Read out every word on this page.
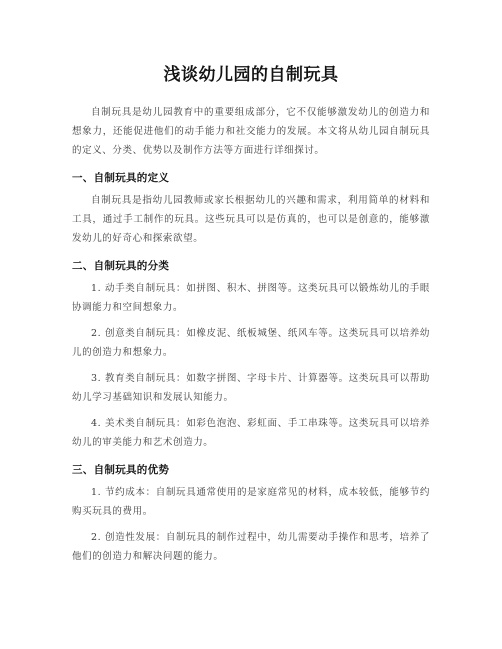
浅谈幼儿园的自制玩具

自制玩具是幼儿园教育中的重要组成部分，它不仅能够激发幼儿的创造力和想象力，还能促进他们的动手能力和社交能力的发展。本文将从幼儿园自制玩具的定义、分类、优势以及制作方法等方面进行详细探讨。

一、自制玩具的定义

自制玩具是指幼儿园教师或家长根据幼儿的兴趣和需求，利用简单的材料和工具，通过手工制作的玩具。这些玩具可以是仿真的，也可以是创意的，能够激发幼儿的好奇心和探索欲望。

二、自制玩具的分类

1. 动手类自制玩具：如拼图、积木、拼图等。这类玩具可以锻炼幼儿的手眼协调能力和空间想象力。

2. 创意类自制玩具：如橡皮泥、纸板城堡、纸风车等。这类玩具可以培养幼儿的创造力和想象力。

3. 教育类自制玩具：如数字拼图、字母卡片、计算器等。这类玩具可以帮助幼儿学习基础知识和发展认知能力。

4. 美术类自制玩具：如彩色泡泡、彩虹面、手工串珠等。这类玩具可以培养幼儿的审美能力和艺术创造力。

三、自制玩具的优势

1. 节约成本：自制玩具通常使用的是家庭常见的材料，成本较低，能够节约购买玩具的费用。

2. 创造性发展：自制玩具的制作过程中，幼儿需要动手操作和思考，培养了他们的创造力和解决问题的能力。
